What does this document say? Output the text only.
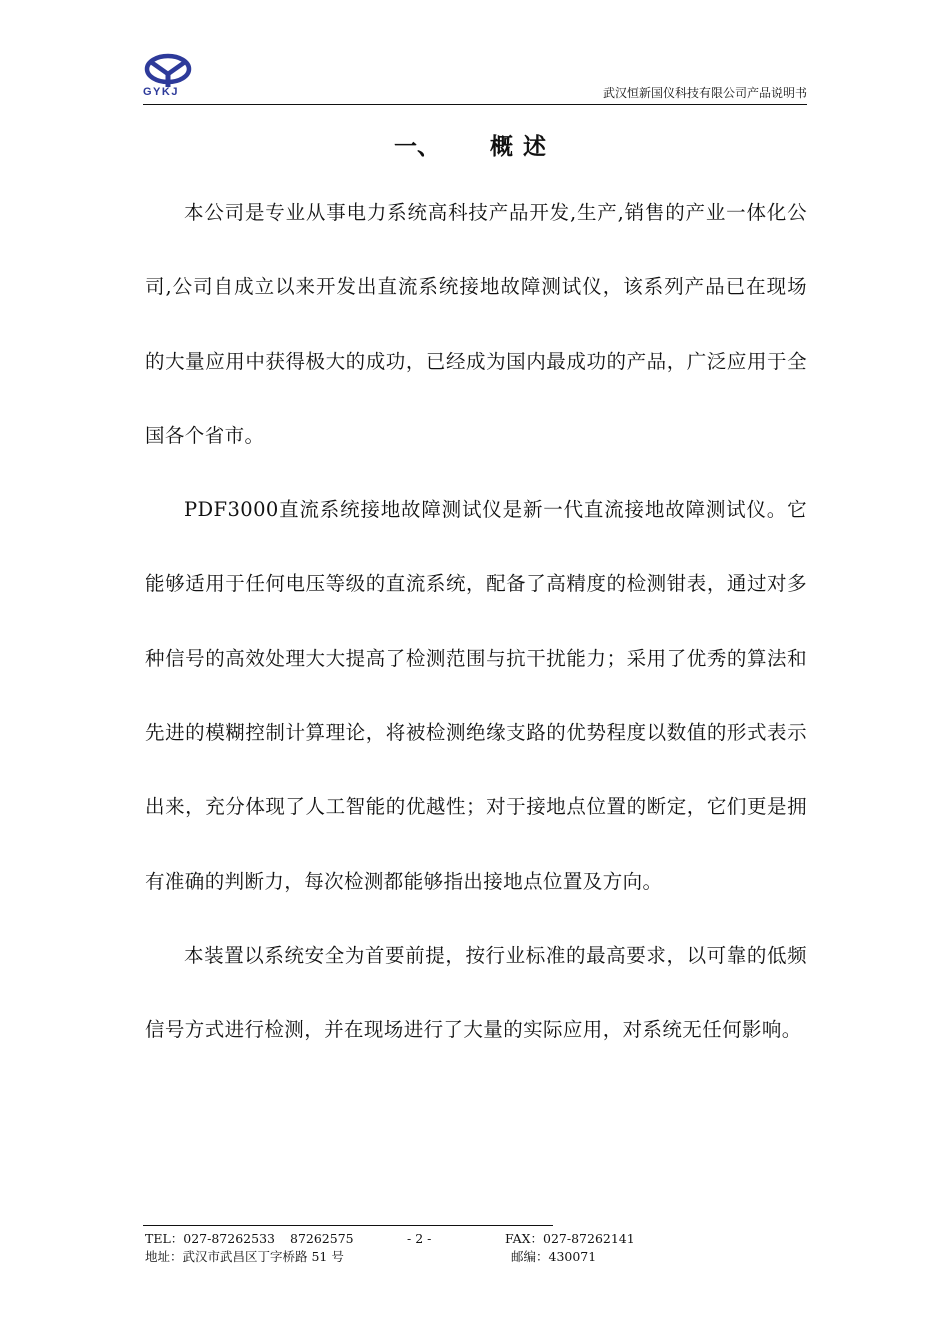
GYKJ	武汉恒新国仪科技有限公司产品说明书
一、 概述

本公司是专业从事电力系统高科技产品开发,生产,销售的产业一体化公司,公司自成立以来开发出直流系统接地故障测试仪，该系列产品已在现场的大量应用中获得极大的成功，已经成为国内最成功的产品，广泛应用于全国各个省市。

PDF3000直流系统接地故障测试仪是新一代直流接地故障测试仪。它能够适用于任何电压等级的直流系统，配备了高精度的检测钳表，通过对多种信号的高效处理大大提高了检测范围与抗干扰能力；采用了优秀的算法和先进的模糊控制计算理论，将被检测绝缘支路的优势程度以数值的形式表示出来，充分体现了人工智能的优越性；对于接地点位置的断定，它们更是拥有准确的判断力，每次检测都能够指出接地点位置及方向。

本装置以系统安全为首要前提，按行业标准的最高要求，以可靠的低频信号方式进行检测，并在现场进行了大量的实际应用，对系统无任何影响。

TEL：027-87262533 87262575	- 2 -	FAX：027-87262141
地址：武汉市武昌区丁字桥路 51 号	邮编：430071
